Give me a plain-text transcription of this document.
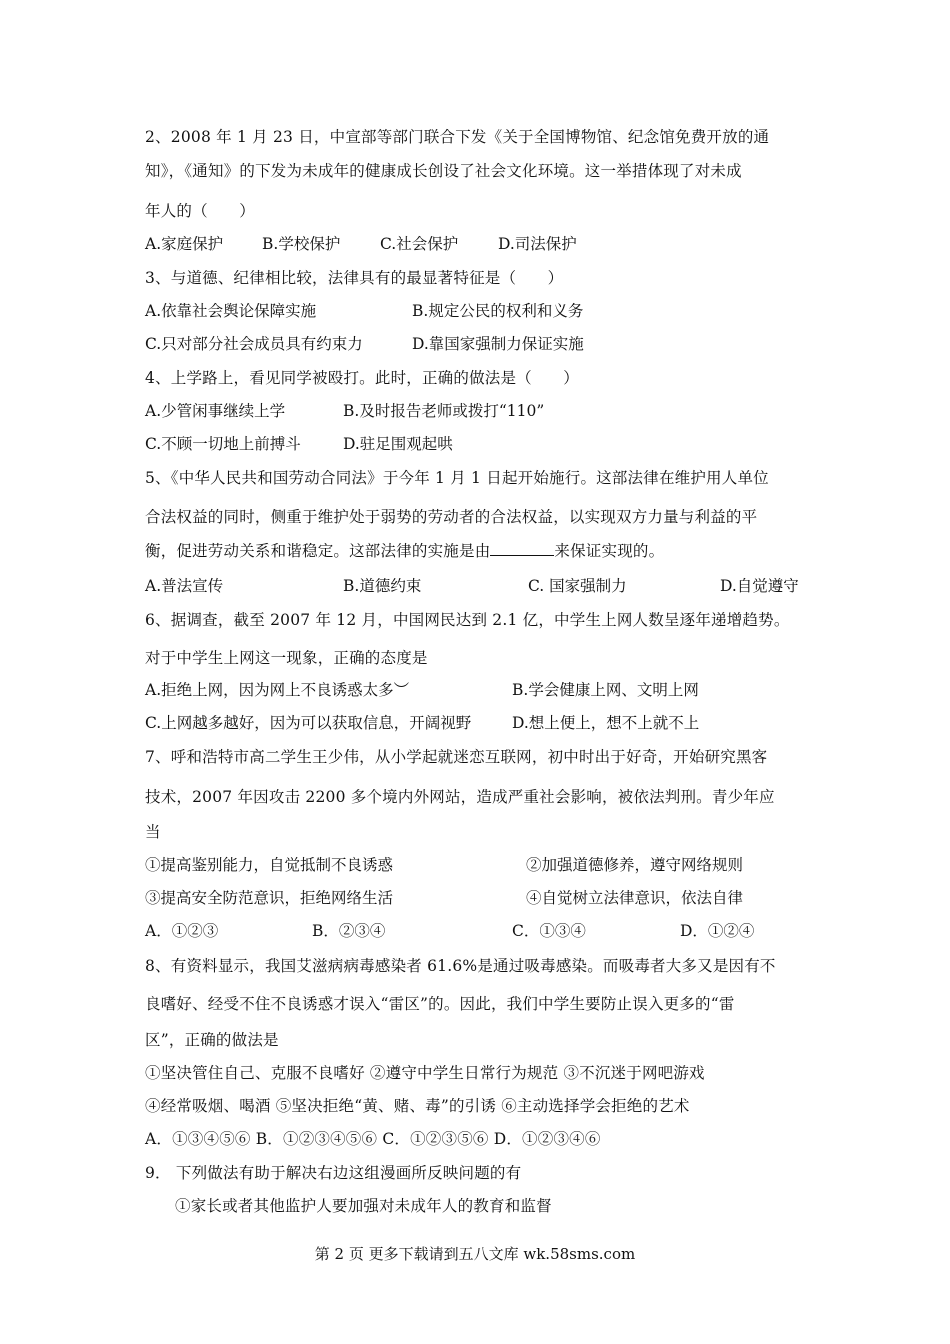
2、2008 年 1 月 23 日，中宣部等部门联合下发《关于全国博物馆、纪念馆免费开放的通
知》，《通知》的下发为未成年的健康成长创设了社会文化环境。这一举措体现了对未成
年人的（　　）
A.家庭保护	B.学校保护	C.社会保护	D.司法保护
3、与道德、纪律相比较，法律具有的最显著特征是（　　）
A.依靠社会舆论保障实施	B.规定公民的权利和义务
C.只对部分社会成员具有约束力	D.靠国家强制力保证实施
4、上学路上，看见同学被殴打。此时，正确的做法是（　　）
A.少管闲事继续上学	B.及时报告老师或拨打“110”
C.不顾一切地上前搏斗	D.驻足围观起哄
5、《中华人民共和国劳动合同法》于今年 1 月 1 日起开始施行。这部法律在维护用人单位
合法权益的同时，侧重于维护处于弱势的劳动者的合法权益，以实现双方力量与利益的平
衡，促进劳动关系和谐稳定。这部法律的实施是由	来保证实现的。
A.普法宣传	B.道德约束	C. 国家强制力	D.自觉遵守
6、据调查，截至 2007 年 12 月，中国网民达到 2.1 亿，中学生上网人数呈逐年递增趋势。
对于中学生上网这一现象，正确的态度是
A.拒绝上网，因为网上不良诱惑太多︶	B.学会健康上网、文明上网
C.上网越多越好，因为可以获取信息，开阔视野	D.想上便上，想不上就不上
7、呼和浩特市高二学生王少伟，从小学起就迷恋互联网，初中时出于好奇，开始研究黑客
技术，2007 年因攻击 2200 多个境内外网站，造成严重社会影响，被依法判刑。青少年应
当
①提高鉴别能力，自觉抵制不良诱惑	②加强道德修养，遵守网络规则
③提高安全防范意识，拒绝网络生活	④自觉树立法律意识，依法自律
A．①②③	B．②③④	C．①③④	D．①②④
8、有资料显示，我国艾滋病病毒感染者 61.6%是通过吸毒感染。而吸毒者大多又是因有不
良嗜好、经受不住不良诱惑才误入“雷区”的。因此，我们中学生要防止误入更多的“雷
区”，正确的做法是
①坚决管住自己、克服不良嗜好 ②遵守中学生日常行为规范 ③不沉迷于网吧游戏
④经常吸烟、喝酒 ⑤坚决拒绝“黄、赌、毒”的引诱 ⑥主动选择学会拒绝的艺术
A．①③④⑤⑥ B．①②③④⑤⑥ C．①②③⑤⑥ D．①②③④⑥
9． 下列做法有助于解决右边这组漫画所反映问题的有
①家长或者其他监护人要加强对未成年人的教育和监督
第 2 页 更多下载请到五八文库 wk.58sms.com
